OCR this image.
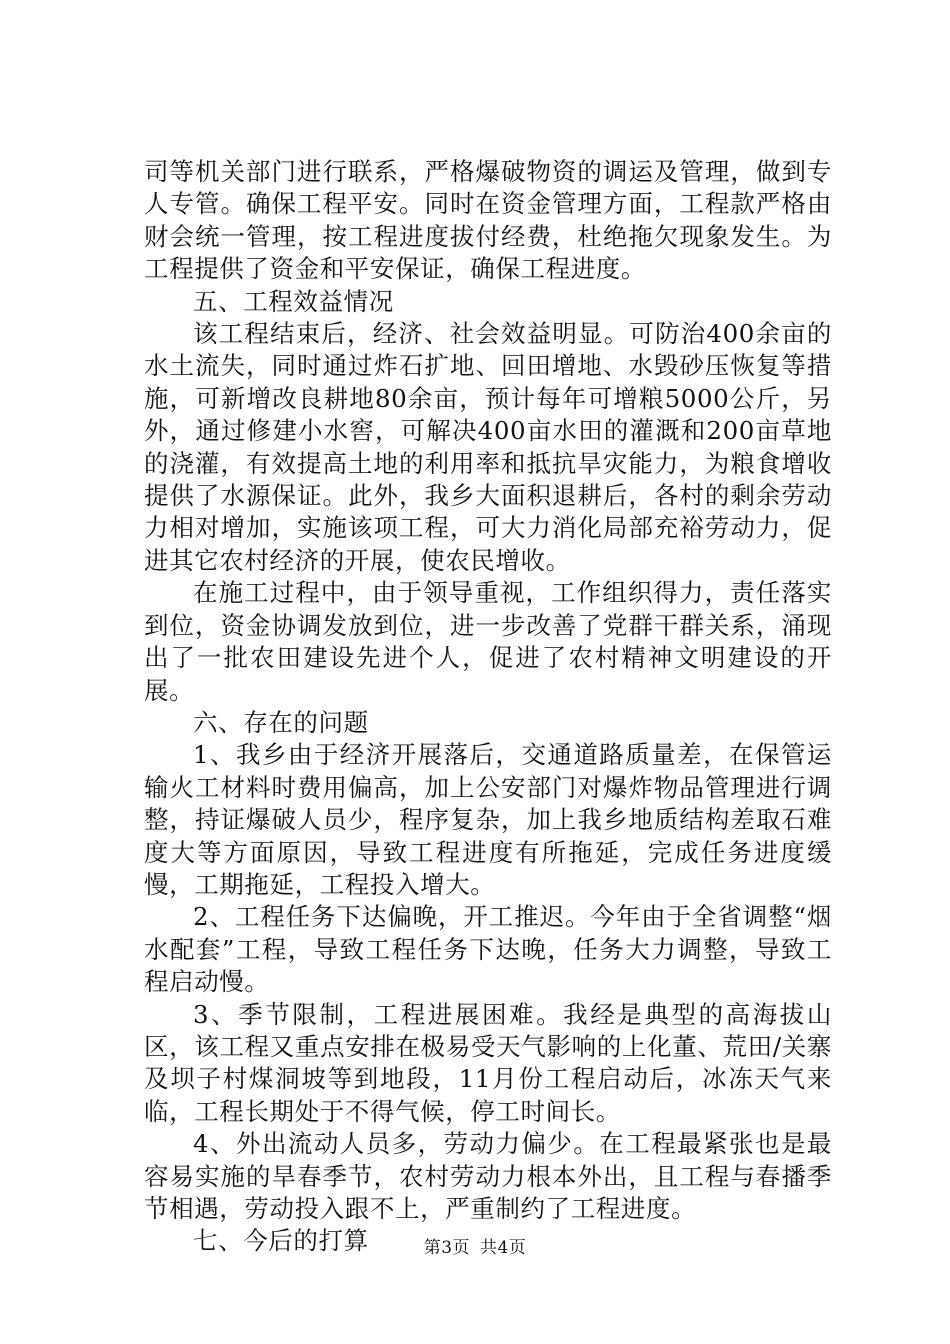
司等机关部门进行联系，严格爆破物资的调运及管理，做到专人专管。确保工程平安。同时在资金管理方面，工程款严格由财会统一管理，按工程进度拔付经费，杜绝拖欠现象发生。为工程提供了资金和平安保证，确保工程进度。

五、工程效益情况

该工程结束后，经济、社会效益明显。可防治400余亩的水土流失，同时通过炸石扩地、回田增地、水毁砂压恢复等措施，可新增改良耕地80余亩，预计每年可增粮5000公斤，另外，通过修建小水窖，可解决400亩水田的灌溉和200亩草地的浇灌，有效提高土地的利用率和抵抗旱灾能力，为粮食增收提供了水源保证。此外，我乡大面积退耕后，各村的剩余劳动力相对增加，实施该项工程，可大力消化局部充裕劳动力，促进其它农村经济的开展，使农民增收。

在施工过程中，由于领导重视，工作组织得力，责任落实到位，资金协调发放到位，进一步改善了党群干群关系，涌现出了一批农田建设先进个人，促进了农村精神文明建设的开展。

六、存在的问题

1、我乡由于经济开展落后，交通道路质量差，在保管运输火工材料时费用偏高，加上公安部门对爆炸物品管理进行调整，持证爆破人员少，程序复杂，加上我乡地质结构差取石难度大等方面原因，导致工程进度有所拖延，完成任务进度缓慢，工期拖延，工程投入增大。

2、工程任务下达偏晚，开工推迟。今年由于全省调整“烟水配套”工程，导致工程任务下达晚，任务大力调整，导致工程启动慢。

3、季节限制，工程进展困难。我经是典型的高海拔山区，该工程又重点安排在极易受天气影响的上化董、荒田/关寨及坝子村煤洞坡等到地段，11月份工程启动后，冰冻天气来临，工程长期处于不得气候，停工时间长。

4、外出流动人员多，劳动力偏少。在工程最紧张也是最容易实施的旱春季节，农村劳动力根本外出，且工程与春播季节相遇，劳动投入跟不上，严重制约了工程进度。

七、今后的打算	第3页 共4页
